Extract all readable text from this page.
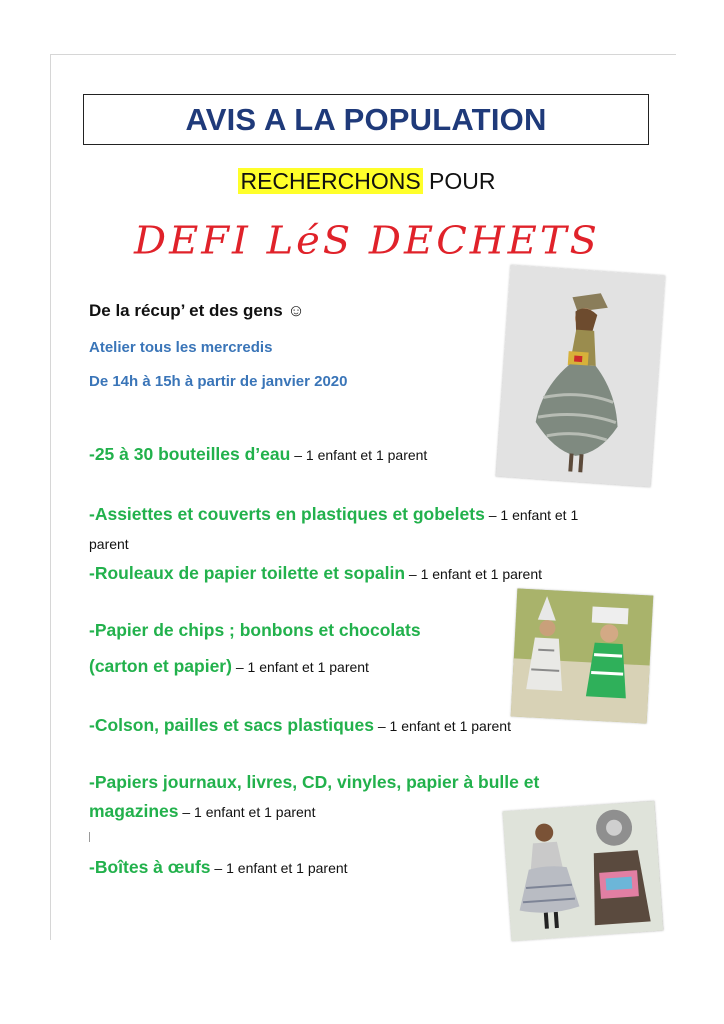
AVIS A LA POPULATION
RECHERCHONS POUR
DEFI LéS DECHETS
De la récup’ et des gens ☺
Atelier tous les mercredis
De 14h à 15h à partir de janvier 2020
-25 à 30 bouteilles d’eau – 1 enfant et 1 parent
-Assiettes et couverts en plastiques et gobelets – 1 enfant et 1 parent
-Rouleaux de papier toilette et sopalin – 1 enfant et 1 parent
-Papier de chips ; bonbons et chocolats
(carton et papier) – 1 enfant et 1 parent
-Colson, pailles et sacs plastiques – 1 enfant et 1 parent
-Papiers journaux, livres, CD, vinyles, papier à bulle et
magazines – 1 enfant et 1 parent
-Boîtes à œufs – 1 enfant et 1 parent
